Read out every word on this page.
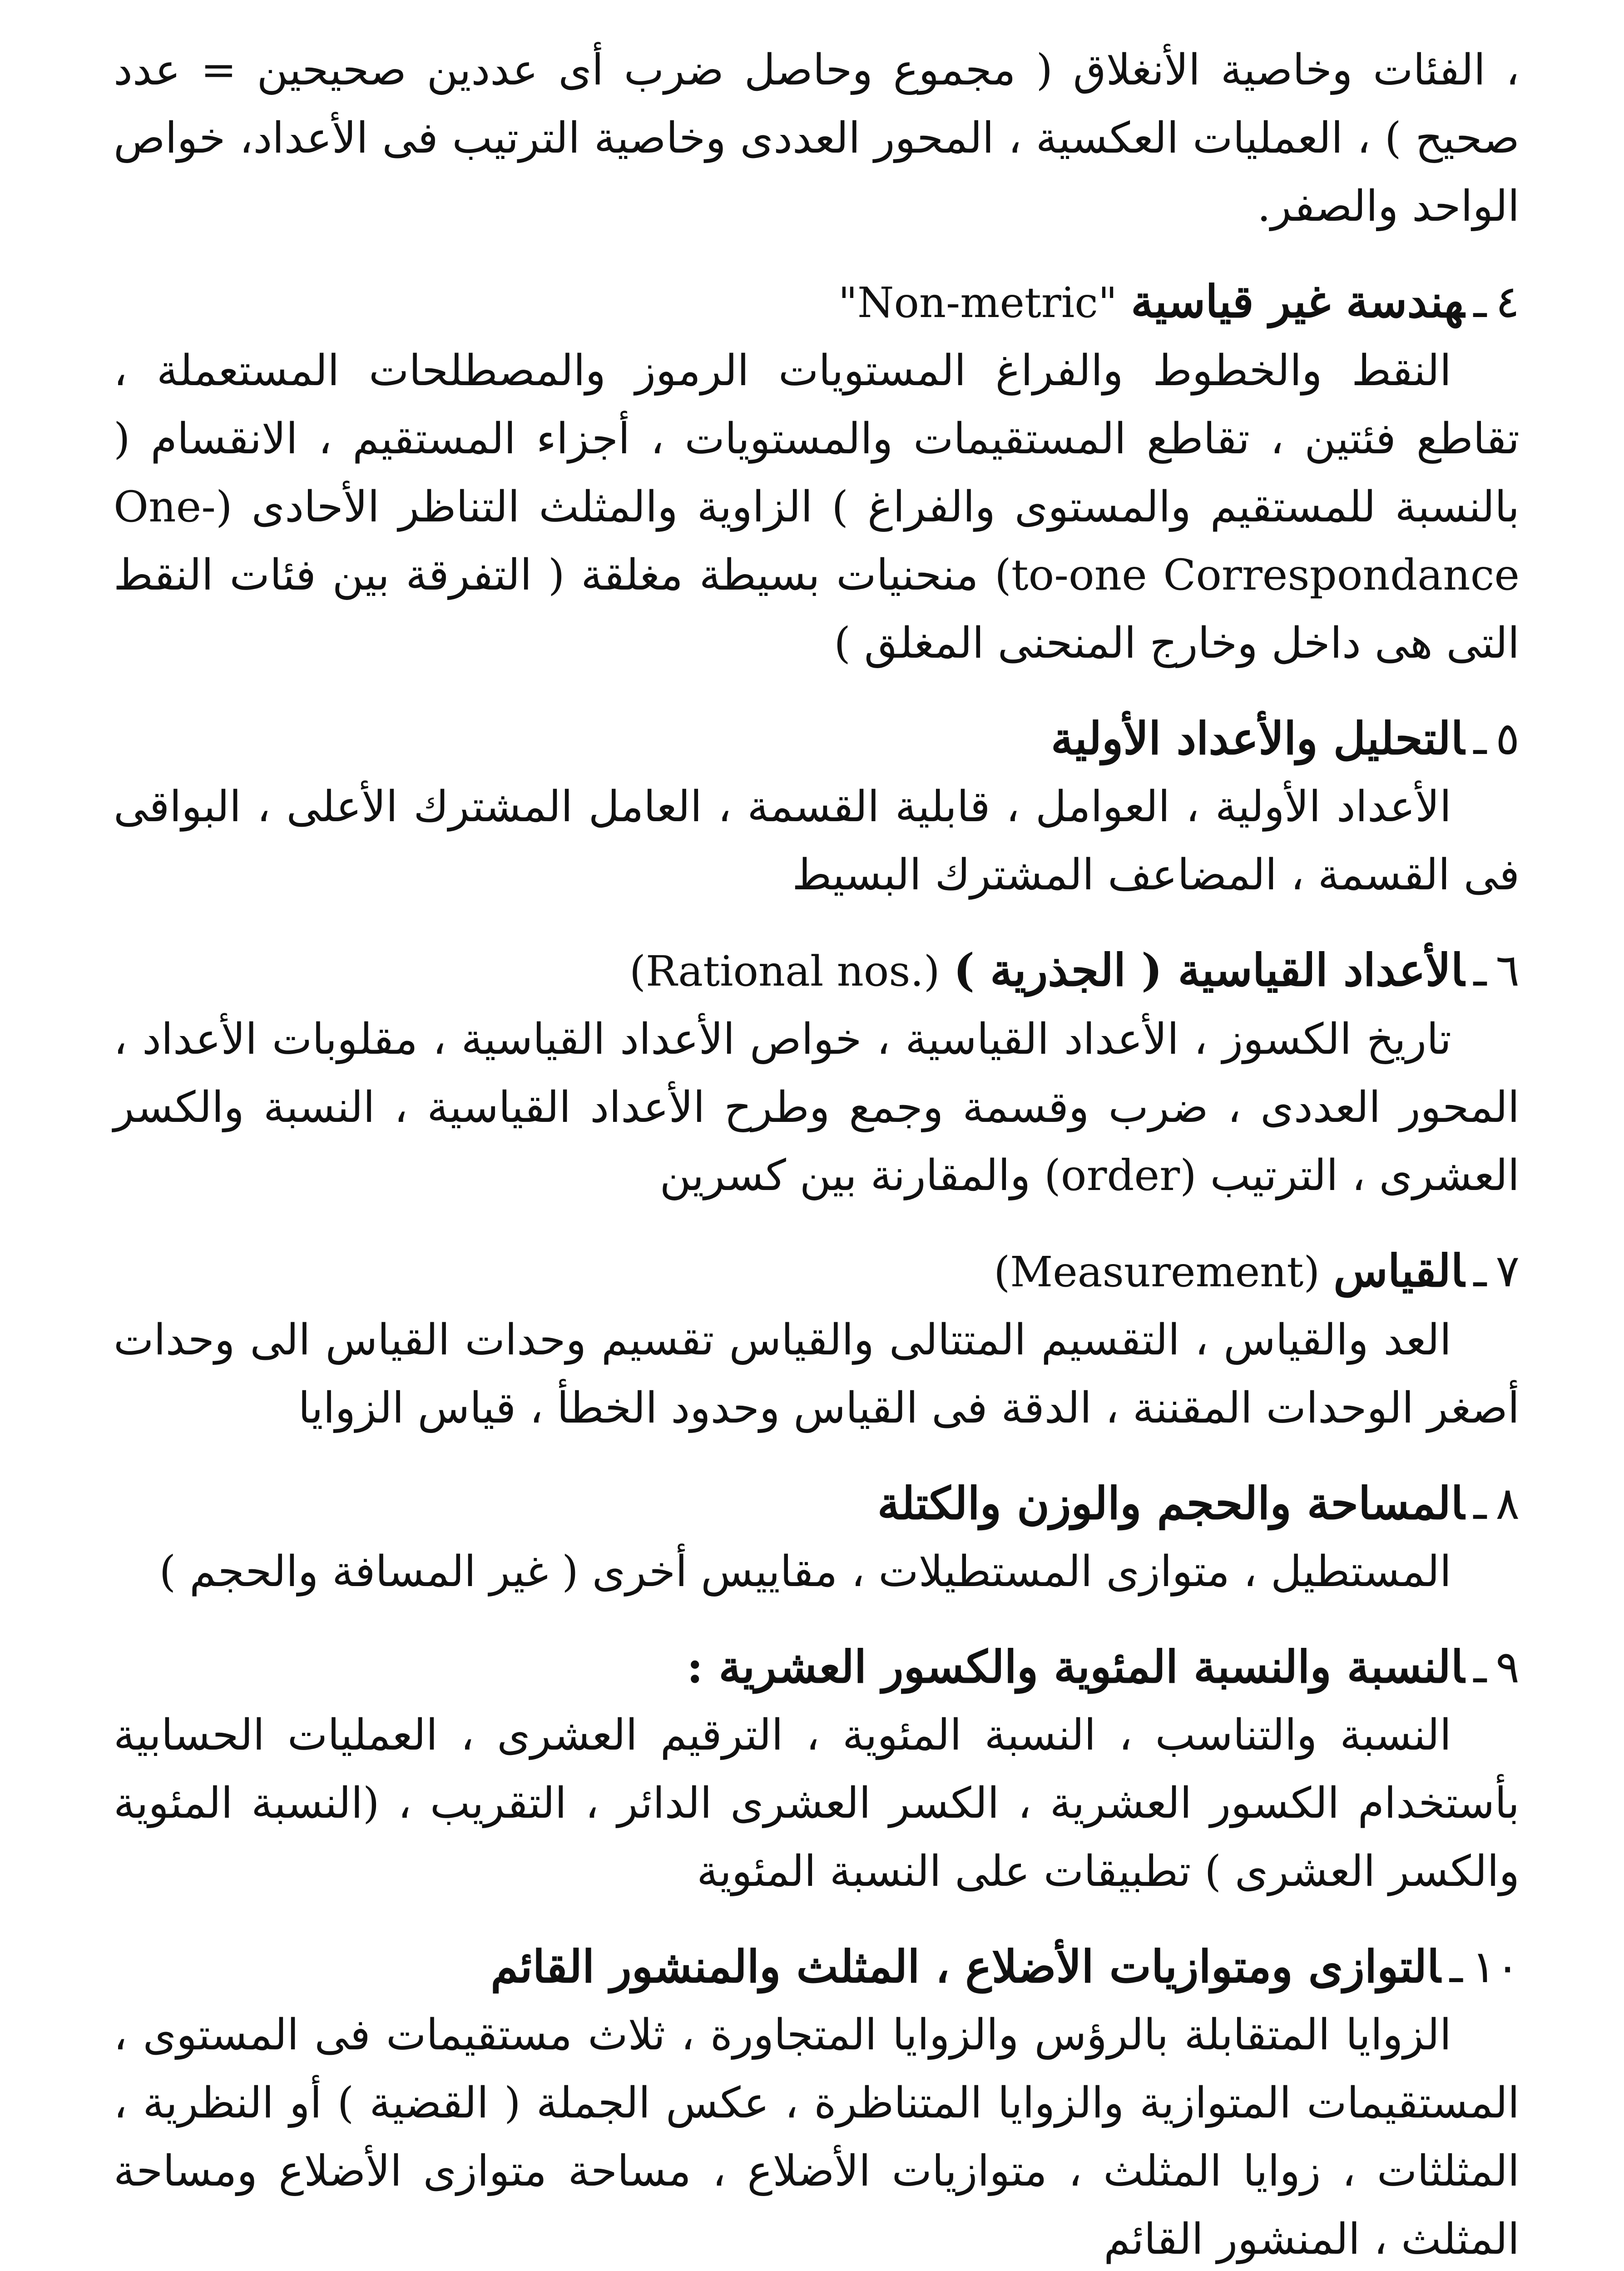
، الفئات وخاصية الأنغلاق ( مجموع وحاصل ضرب أى عددين صحيحين = عدد صحيح ) ، العمليات العكسية ، المحور العددى وخاصية الترتيب فى الأعداد، خواص الواحد والصفر.

٤ـهندسة غير قياسية"Non-metric"

النقط والخطوط والفراغ المستويات الرموز والمصطلحات المستعملة ، تقاطع فئتين ، تقاطع المستقيمات والمستويات ، أجزاء المستقيم ، الانقسام ( بالنسبة للمستقيم والمستوى والفراغ ) الزاوية والمثلث التناظر الأحادى (One-to-one Correspondance) منحنيات بسيطة مغلقة ( التفرقة بين فئات النقط التى هى داخل وخارج المنحنى المغلق )

٥ـالتحليل والأعداد الأولية

الأعداد الأولية ، العوامل ، قابلية القسمة ، العامل المشترك الأعلى ، البواقى فى القسمة ، المضاعف المشترك البسيط

٦ـالأعداد القياسية ( الجذرية )(Rational nos.)

تاريخ الكسوز ، الأعداد القياسية ، خواص الأعداد القياسية ، مقلوبات الأعداد ، المحور العددى ، ضرب وقسمة وجمع وطرح الأعداد القياسية ، النسبة والكسر العشرى ، الترتيب (order) والمقارنة بين كسرين

٧ـالقياس(Measurement)

العد والقياس ، التقسيم المتتالى والقياس تقسيم وحدات القياس الى وحدات أصغر الوحدات المقننة ، الدقة فى القياس وحدود الخطأ ، قياس الزوايا

٨ـالمساحة والحجم والوزن والكتلة

المستطيل ، متوازى المستطيلات ، مقاييس أخرى ( غير المسافة والحجم )

٩ـالنسبة والنسبة المئوية والكسور العشرية :

النسبة والتناسب ، النسبة المئوية ، الترقيم العشرى ، العمليات الحسابية بأستخدام الكسور العشرية ، الكسر العشرى الدائر ، التقريب ، (النسبة المئوية والكسر العشرى ) تطبيقات على النسبة المئوية

١٠ـالتوازى ومتوازيات الأضلاع ، المثلث والمنشور القائم

الزوايا المتقابلة بالرؤس والزوايا المتجاورة ، ثلاث مستقيمات فى المستوى ، المستقيمات المتوازية والزوايا المتناظرة ، عكس الجملة ( القضية ) أو النظرية ، المثلثات ، زوايا المثلث ، متوازيات الأضلاع ، مساحة متوازى الأضلاع ومساحة المثلث ، المنشور القائم
